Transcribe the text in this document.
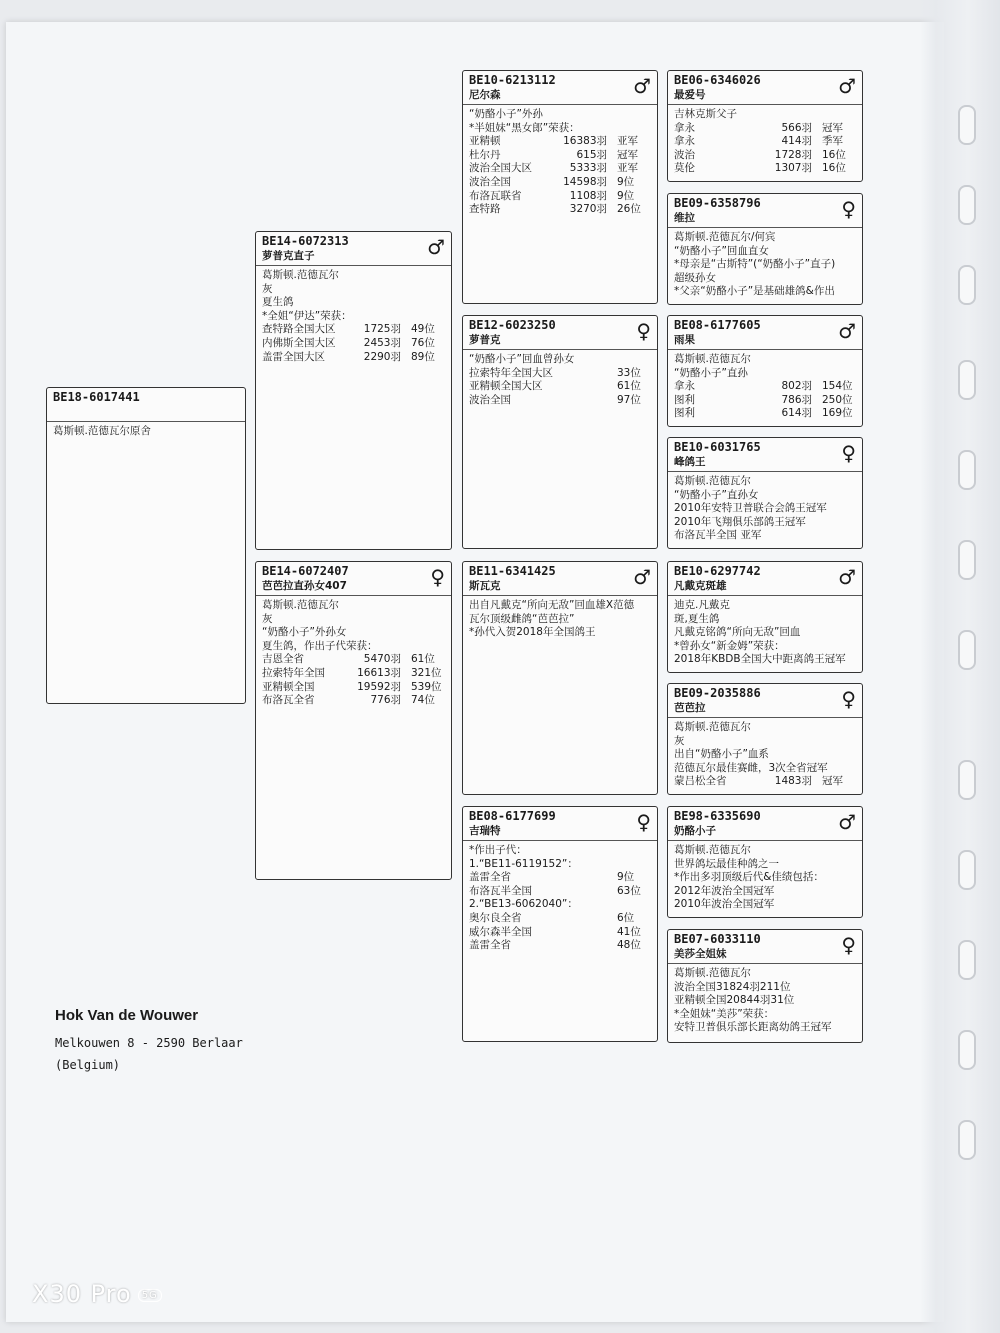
BE18-6017441
葛斯顿.范德瓦尔原舍
BE14-6072313
萝普克直子	♂
葛斯顿.范德瓦尔
灰
夏生鸽
*全姐“伊达”荣获：
查特路全国大区	1725羽 49位
内佛斯全国大区	2453羽 76位
盖雷全国大区	2290羽 89位
BE14-6072407
芭芭拉直孙女407	♀
葛斯顿.范德瓦尔
灰
“奶酪小子”外孙女
夏生鸽，作出子代荣获：
吉恩全省	5470羽 61位
拉索特年全国	16613羽 321位
亚精顿全国	19592羽 539位
布洛瓦全省	776羽 74位
BE10-6213112
尼尔森	♂
“奶酪小子”外孙
*半姐妹“黑女郎”荣获：
亚精顿	16383羽 亚军
杜尔丹	615羽 冠军
波治全国大区	5333羽 亚军
波治全国	14598羽 9位
布洛瓦联省	1108羽 9位
查特路	3270羽 26位
BE12-6023250
萝普克	♀
“奶酪小子”回血曾孙女
拉索特年全国大区	33位
亚精顿全国大区	61位
波治全国	97位
BE11-6341425
斯瓦克	♂
出自凡戴克“所向无敌”回血雄X范德
瓦尔顶级雌鸽“芭芭拉”
*孙代入贺2018年全国鸽王
BE08-6177699
吉瑞特	♀
*作出子代：
1.“BE11-6119152”：
盖雷全省	9位
布洛瓦半全国	63位
2.“BE13-6062040”：
奥尔良全省	6位
威尔森半全国	41位
盖雷全省	48位
BE06-6346026
最爱号	♂
吉林克斯父子
拿永	566羽 冠军
拿永	414羽 季军
波治	1728羽 16位
莫伦	1307羽 16位
BE09-6358796
维拉	♀
葛斯顿.范德瓦尔/何宾
“奶酪小子”回血直女
*母亲是“古斯特”(“奶酪小子”直子)
超级孙女
*父亲“奶酪小子”是基础雄鸽&作出
BE08-6177605
雨果	♂
葛斯顿.范德瓦尔
“奶酪小子”直孙
拿永	802羽 154位
图利	786羽 250位
图利	614羽 169位
BE10-6031765
峰鸽王	♀
葛斯顿.范德瓦尔
“奶酪小子”直孙女
2010年安特卫普联合会鸽王冠军
2010年飞翔俱乐部鸽王冠军
布洛瓦半全国 亚军
BE10-6297742
凡戴克斑雄	♂
迪克.凡戴克
斑,夏生鸽
凡戴克铭鸽“所向无敌”回血
*曾孙女“新金姆”荣获：
2018年KBDB全国大中距离鸽王冠军
BE09-2035886
芭芭拉	♀
葛斯顿.范德瓦尔
灰
出自“奶酪小子”血系
范德瓦尔最佳赛雌，3次全省冠军
蒙吕松全省	1483羽 冠军
BE98-6335690
奶酪小子	♂
葛斯顿.范德瓦尔
世界鸽坛最佳种鸽之一
*作出多羽顶级后代&佳绩包括：
2012年波治全国冠军
2010年波治全国冠军
BE07-6033110
美莎全姐妹	♀
葛斯顿.范德瓦尔
波治全国31824羽211位
亚精顿全国20844羽31位
*全姐妹“美莎”荣获：
安特卫普俱乐部长距离幼鸽王冠军
Hok Van de Wouwer
Melkouwen 8 - 2590 Berlaar
(Belgium)
X30 Pro 5G
